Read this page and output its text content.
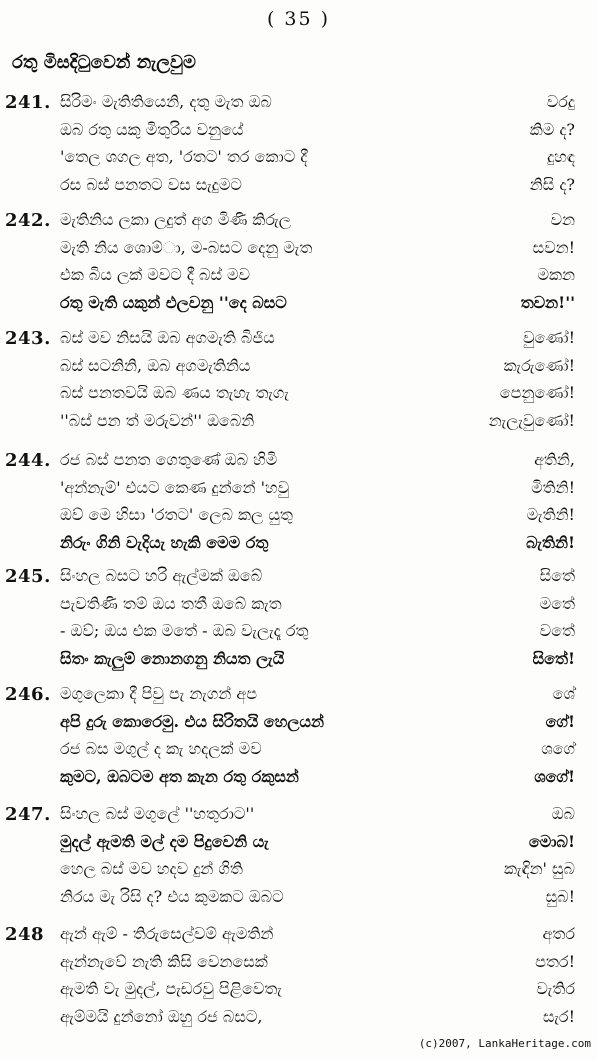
( 35 )
රතු මිසදිටුවෙන් නැලවුම
241. සිරිමං මැතිතියෙනි, දතු මැත ඔබ	වරදු
ඔබ රතු යකු මිතුරිය වනුයේ	කිම ද?
'තෙල ශගල අත, 'රතට' තර කොට දී	දුහඳ
රස බස් පනතට වස සැදුමට	නිසි ද?
242. මැතිනිය ලකා ලදුත් අග මිණි කිරුල	වන
මැති නිය ශොම්‍ා, ම-බසට දෙනු මැත	සවන!
එක බිය ලක් මවට දී බස් මව	මකන
රතු මැති යකුන් එලවනු ''දෙ බසට	තවන!''
243. බස් මව නිසයි ඔබ අගමැති බිජිය	වුණෝ!
බස් සටනිනි, ඔබ අගමැතිනිය	කැරුණෝ!
බස් පනතවයි ඔබ ණය තැහැ තැගැ	පෙනුණෝ!
''බස් පන ත් මරුවන්'' ඔබෙනි	නැලැවුණෝ!
244. රජ බස් පනත ගෙතුණේ ඔබ හිමි	අතිනි,
'අන්නැම්' එයට කෙණ දුන්නේ 'හවු	මිතිනි!
ඔව් මෙ හිසා 'රතට' ලෙබ කල යුතු	මැතිනි!
නිරුං ගිනි වැදියැ හැකි මෙම රතු	බැතිනි!
245. සිංහල බසට හරි ඇල්මක් ඔබේ	සිතේ
පැවතිණි තම් ඔය තතී ඔබේ කැත	මතේ
- ඔව්; ඔය එක මතේ - ඔබ වැලැදෑ රතු	වතේ
සිතං කැලුම් නොනගනු නියත ලැයි	සිතේ!
246. මගුලෙකා දී පිවු පැ නැගන් අප	ශේ
අපි දුරු කොරෙමු. එය සිරිතයි හෙලයන්	ගේ!
රජ බස මගුල් ද කැ හදලක් මව	ශගේ
කුමට, ඔබටම අත කැන රතු රකුසන්	ශගේ!
247. සිංහල බස් මගුලේ ''හතුරාට''	ඔබ
මුදල් ඇමති මල් දම පිදුවෙනි යැ	මොබ!
හෙල බස් මව හදව දුන් ගිති	කැඳින' සුබ
නිරය මැ රිසි ද? එය කුමකට ඔබට	සුබ!
248 ඇන් ඇම් - තිරුසෙල්වම් ඇමතින්	අතර
ඇන්නැවේ නැති කිසි වෙනසෙක්	පතර!
ඇමති වැ මුදල්, පැඩරවු පිළිවෙතැ	වැතිර
ඇම්මයි දුන්නෝ ඔහු රජ බසට,	සැර!
(c)2007, LankaHeritage.com
